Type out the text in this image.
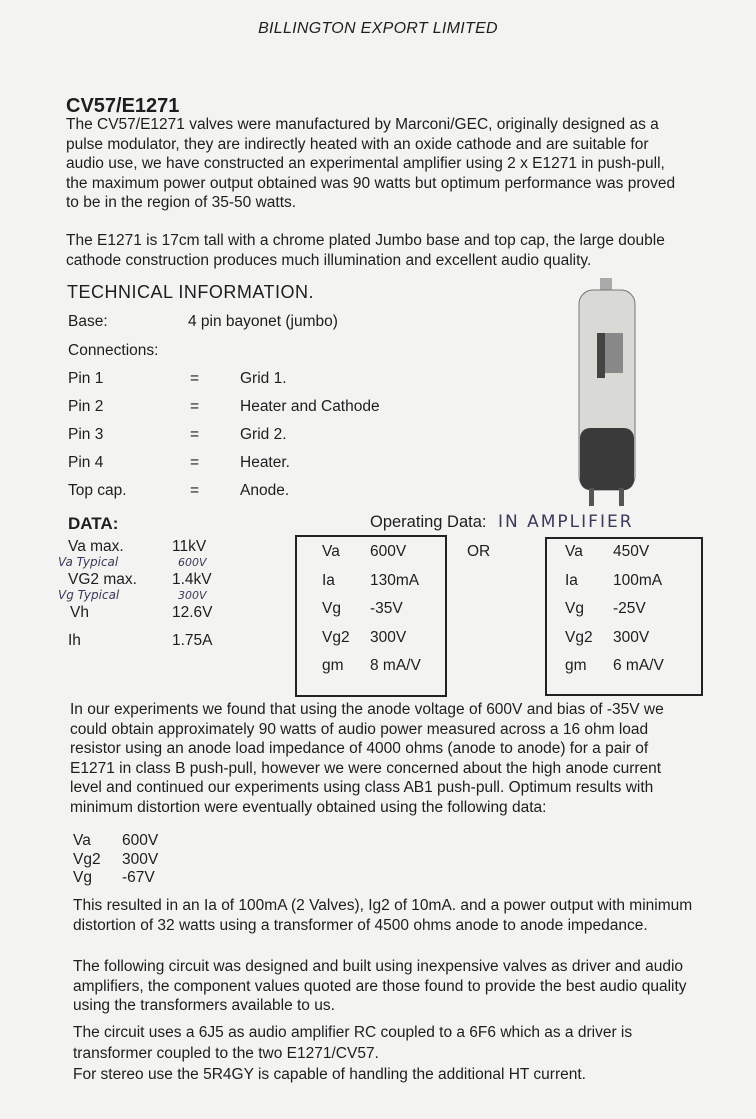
BILLINGTON EXPORT LIMITED
CV57/E1271
The CV57/E1271 valves were manufactured by Marconi/GEC, originally designed as a
pulse modulator, they are indirectly heated with an oxide cathode and are suitable for
audio use, we have constructed an experimental amplifier using 2 x E1271 in push-pull,
the maximum power output obtained was 90 watts but optimum performance was proved
to be in the region of 35-50 watts.
The E1271 is 17cm tall with a chrome plated Jumbo base and top cap, the large double
cathode construction produces much illumination and excellent audio quality.
TECHNICAL INFORMATION.
Base:	4 pin bayonet (jumbo)
Connections:
Pin 1	=	Grid 1.
Pin 2	=	Heater and Cathode
Pin 3	=	Grid 2.
Pin 4	=	Heater.
Top cap.	=	Anode.
DATA:
Va max.	11kV
Va Typical	600V
VG2 max. 1.4kV
Vg Typical	300V
Vh	12.6V
Ih	1.75A
Operating Data: IN AMPLIFIER
OR
Va 600V
Ia 130mA
Vg -35V
Vg2 300V
gm 8 mA/V
Va 450V
Ia 100mA
Vg -25V
Vg2 300V
gm 6 mA/V
In our experiments we found that using the anode voltage of 600V and bias of -35V we
could obtain approximately 90 watts of audio power measured across a 16 ohm load
resistor using an anode load impedance of 4000 ohms (anode to anode) for a pair of
E1271 in class B push-pull, however we were concerned about the high anode current
level and continued our experiments using class AB1 push-pull. Optimum results with
minimum distortion were eventually obtained using the following data:
Va 600V
Vg2 300V
Vg -67V
This resulted in an Ia of 100mA (2 Valves), Ig2 of 10mA. and a power output with minimum
distortion of 32 watts using a transformer of 4500 ohms anode to anode impedance.
The following circuit was designed and built using inexpensive valves as driver and audio
amplifiers, the component values quoted are those found to provide the best audio quality
using the transformers available to us.
The circuit uses a 6J5 as audio amplifier RC coupled to a 6F6 which as a driver is
transformer coupled to the two E1271/CV57.
For stereo use the 5R4GY is capable of handling the additional HT current.
